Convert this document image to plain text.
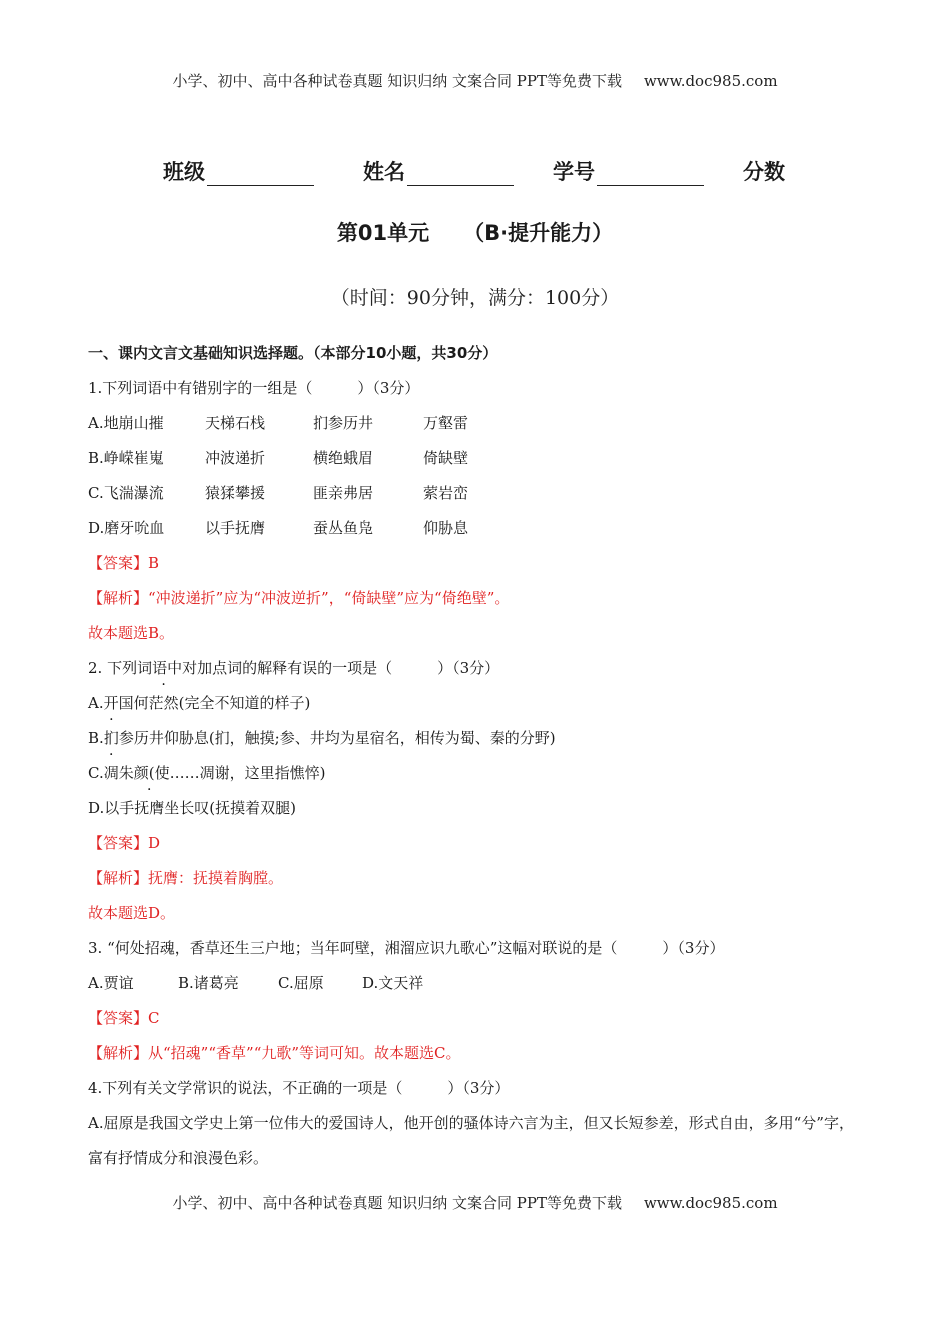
小学、初中、高中各种试卷真题 知识归纳 文案合同 PPT等免费下载 www.doc985.com
班级	姓名	学号	分数
第01单元 （B·提升能力）
（时间：90分钟，满分：100分）
一、课内文言文基础知识选择题。（本部分10小题，共30分）
1.下列词语中有错别字的一组是（　　　）（3分）
A.地崩山摧	天梯石栈	扪参历井	万壑雷
B.峥嵘崔嵬	冲波递折	横绝蛾眉	倚缺壁
C.飞湍瀑流	猿猱攀援	匪亲弗居	萦岩峦
D.磨牙吮血	以手抚膺	蚕丛鱼凫	仰胁息
【答案】B
【解析】“冲波递折”应为“冲波逆折”，“倚缺壁”应为“倚绝壁”。
故本题选B。
2. 下列词语中对加点词的解释有误的一项是（　　　）（3分）
A.开国何茫然(完全不知道的样子)
B.扪参历井仰胁息(扪，触摸;参、井均为星宿名，相传为蜀、秦的分野)
C.凋朱颜(使……凋谢，这里指憔悴)
D.以手抚膺坐长叹(抚摸着双腿)
【答案】D
【解析】抚膺：抚摸着胸膛。
故本题选D。
3. “何处招魂，香草还生三户地；当年呵壁，湘溜应识九歌心”这幅对联说的是（　　　）（3分）
A.贾谊	B.诸葛亮	C.屈原	D.文天祥
【答案】C
【解析】从“招魂”“香草”“九歌”等词可知。故本题选C。
4.下列有关文学常识的说法，不正确的一项是（　　　）（3分）
A.屈原是我国文学史上第一位伟大的爱国诗人，他开创的骚体诗六言为主，但又长短参差，形式自由，多用“兮”字，富有抒情成分和浪漫色彩。
小学、初中、高中各种试卷真题 知识归纳 文案合同 PPT等免费下载 www.doc985.com
